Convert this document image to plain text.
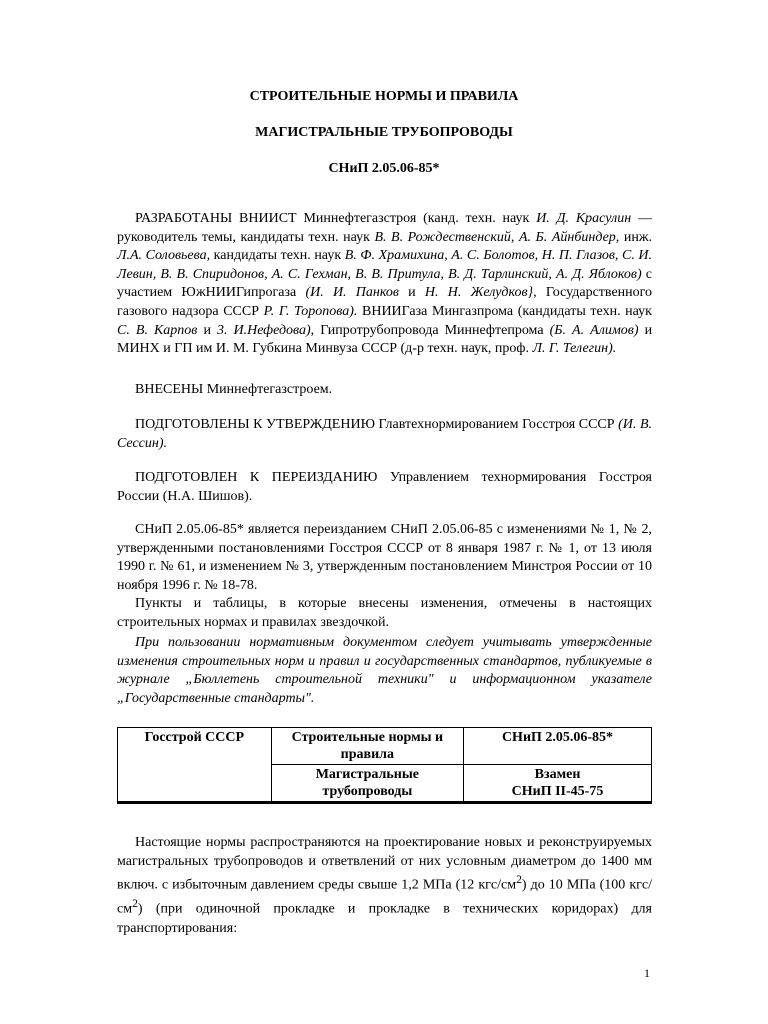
СТРОИТЕЛЬНЫЕ НОРМЫ И ПРАВИЛА
МАГИСТРАЛЬНЫЕ ТРУБОПРОВОДЫ
СНиП 2.05.06-85*
РАЗРАБОТАНЫ ВНИИСТ Миннефтегазстроя (канд. техн. наук И. Д. Красулин — руководитель темы, кандидаты техн. наук В. В. Рождественский, А. Б. Айнбиндер, инж. Л.А. Соловьева, кандидаты техн. наук В. Ф. Храмихина, А. С. Болотов, Н. П. Глазов, С. И. Левин, В. В. Спиридонов, А. С. Гехман, В. В. Притула, В. Д. Тарлинский, А. Д. Яблоков) с участием ЮжНИИГипрогаза (И. И. Панков и Н. Н. Желудков}, Государственного газового надзора СССР Р. Г. Торопова). ВНИИГаза Мингазпрома (кандидаты техн. наук С. В. Карпов и 3. И.Нефедова), Гипротрубопровода Миннефтепрома (Б. А. Алимов) и МИНХ и ГП им И. М. Губкина Минвуза СССР (д-р техн. наук, проф. Л. Г. Телегин).
ВНЕСЕНЫ Миннефтегазстроем.
ПОДГОТОВЛЕНЫ К УТВЕРЖДЕНИЮ Главтехнормированием Госстроя СССР (И. В. Сессин).
ПОДГОТОВЛЕН К ПЕРЕИЗДАНИЮ Управлением технормирования Госстроя России (Н.А. Шишов).
СНиП 2.05.06-85* является переизданием СНиП 2.05.06-85 с изменениями № 1, № 2, утвержденными постановлениями Госстроя СССР от 8 января 1987 г. № 1, от 13 июля 1990 г. № 61, и изменением № 3, утвержденным постановлением Минстроя России от 10 ноября 1996 г. № 18-78.
Пункты и таблицы, в которые внесены изменения, отмечены в настоящих строительных нормах и правилах звездочкой.
При пользовании нормативным документом следует учитывать утвержденные изменения строительных норм и правил и государственных стандартов, публикуемые в журнале „Бюллетень строительной техники" и информационном указателе „Государственные стандарты".
Госстрой СССР	Строительные нормы и правила	СНиП 2.05.06-85*
	Магистральные трубопроводы	Взамен
СНиП II-45-75
Настоящие нормы распространяются на проектирование новых и реконструируемых магистральных трубопроводов и ответвлений от них условным диаметром до 1400 мм включ. с избыточным давлением среды свыше 1,2 МПа (12 кгс/$см^2$) до 10 МПа (100 кгс/$см^2$) (при одиночной прокладке и прокладке в технических коридорах) для транспортирования:
1
